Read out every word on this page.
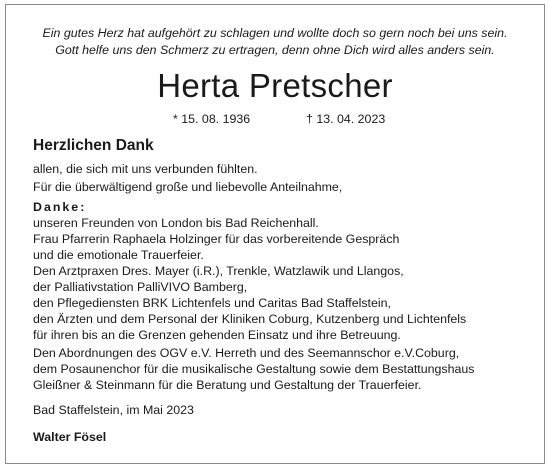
Ein gutes Herz hat aufgehört zu schlagen und wollte doch so gern noch bei uns sein.
Gott helfe uns den Schmerz zu ertragen, denn ohne Dich wird alles anders sein.
Herta Pretscher
* 15. 08. 1936	† 13. 04. 2023
Herzlichen Dank
allen, die sich mit uns verbunden fühlten.
Für die überwältigend große und liebevolle Anteilnahme,
Danke:
unseren Freunden von London bis Bad Reichenhall.
Frau Pfarrerin Raphaela Holzinger für das vorbereitende Gespräch
und die emotionale Trauerfeier.
Den Arztpraxen Dres. Mayer (i.R.), Trenkle, Watzlawik und Llangos,
der Palliativstation PalliVIVO Bamberg,
den Pflegediensten BRK Lichtenfels und Caritas Bad Staffelstein,
den Ärzten und dem Personal der Kliniken Coburg, Kutzenberg und Lichtenfels
für ihren bis an die Grenzen gehenden Einsatz und ihre Betreuung.
Den Abordnungen des OGV e.V. Herreth und des Seemannschor e.V.Coburg,
dem Posaunenchor für die musikalische Gestaltung sowie dem Bestattungshaus
Gleißner & Steinmann für die Beratung und Gestaltung der Trauerfeier.
Bad Staffelstein, im Mai 2023
Walter Fösel
